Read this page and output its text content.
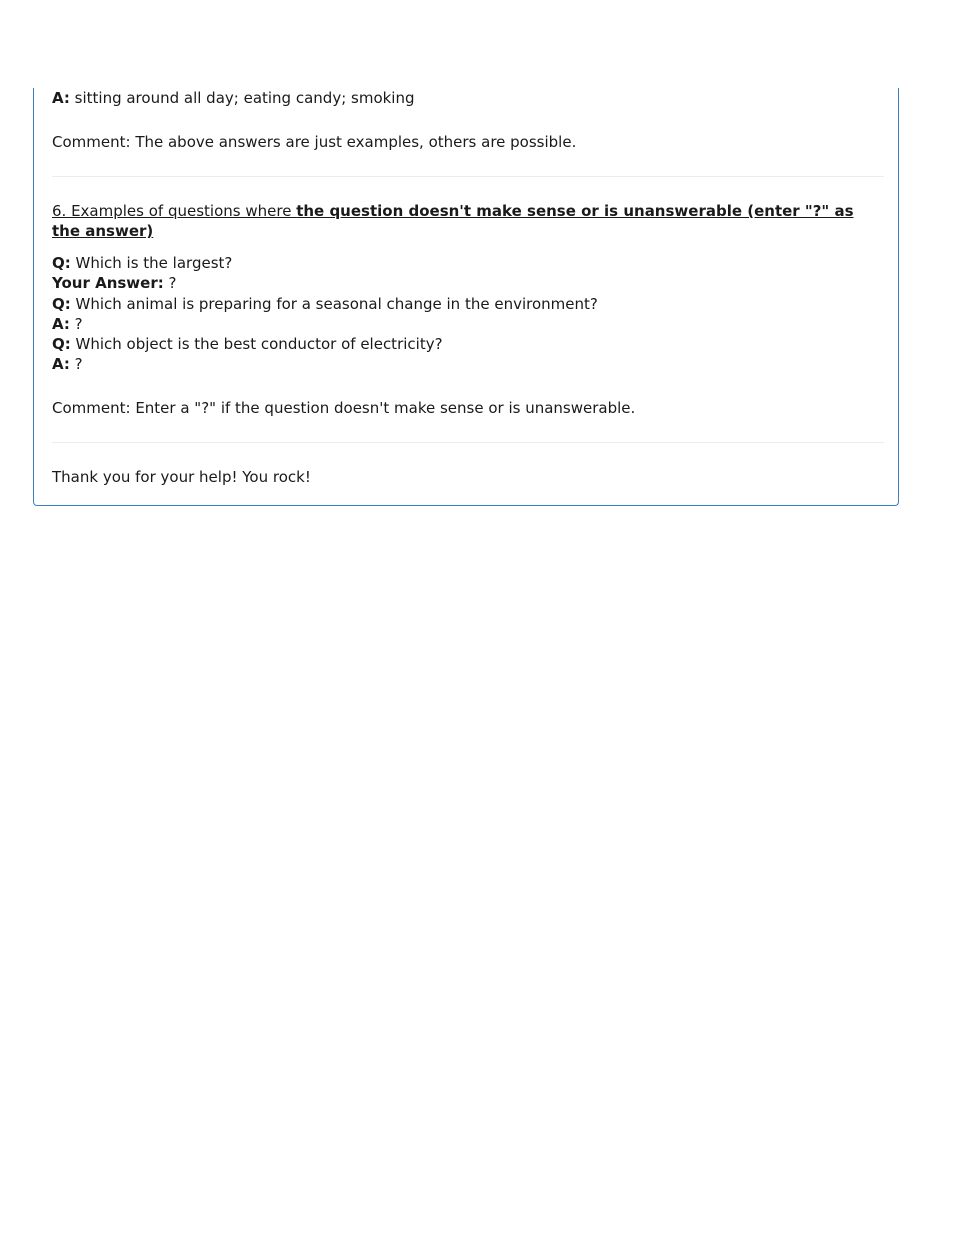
A: sitting around all day; eating candy; smoking

Comment: The above answers are just examples, others are possible.

6. Examples of questions where the question doesn't make sense or is unanswerable (enter "?" as the answer)

Q: Which is the largest?

Your Answer: ?

Q: Which animal is preparing for a seasonal change in the environment?

A: ?

Q: Which object is the best conductor of electricity?

A: ?

Comment: Enter a "?" if the question doesn't make sense or is unanswerable.

Thank you for your help! You rock!
